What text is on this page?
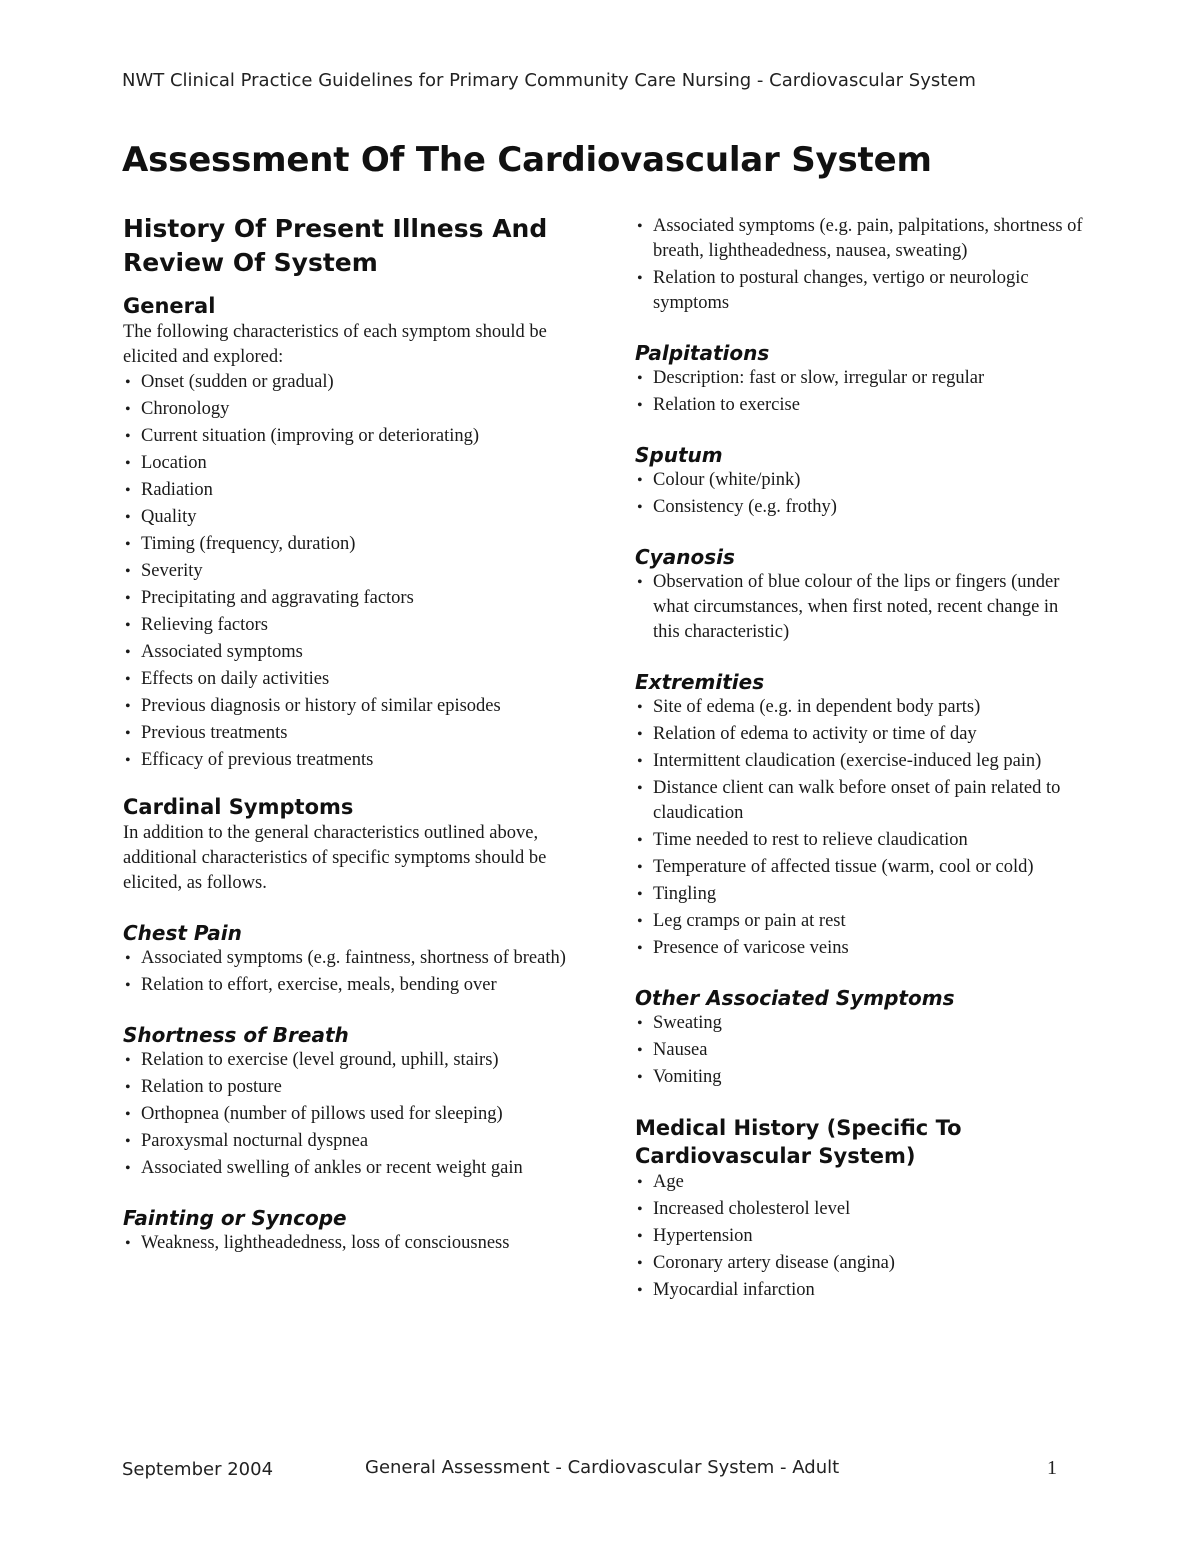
NWT Clinical Practice Guidelines for Primary Community Care Nursing - Cardiovascular System
Assessment Of The Cardiovascular System
History Of Present Illness And Review Of System
General

The following characteristics of each symptom should be elicited and explored:

• Onset (sudden or gradual)
• Chronology
• Current situation (improving or deteriorating)
• Location
• Radiation
• Quality
• Timing (frequency, duration)
• Severity
• Precipitating and aggravating factors
• Relieving factors
• Associated symptoms
• Effects on daily activities
• Previous diagnosis or history of similar episodes
• Previous treatments
• Efficacy of previous treatments
Cardinal Symptoms

In addition to the general characteristics outlined above, additional characteristics of specific symptoms should be elicited, as follows.

Chest Pain
• Associated symptoms (e.g. faintness, shortness of breath)
• Relation to effort, exercise, meals, bending over
Shortness of Breath
• Relation to exercise (level ground, uphill, stairs)
• Relation to posture
• Orthopnea (number of pillows used for sleeping)
• Paroxysmal nocturnal dyspnea
• Associated swelling of ankles or recent weight gain
Fainting or Syncope
• Weakness, lightheadedness, loss of consciousness
• Associated symptoms (e.g. pain, palpitations, shortness of breath, lightheadedness, nausea, sweating)
• Relation to postural changes, vertigo or neurologic symptoms
Palpitations
• Description: fast or slow, irregular or regular
• Relation to exercise
Sputum
• Colour (white/pink)
• Consistency (e.g. frothy)
Cyanosis
• Observation of blue colour of the lips or fingers (under what circumstances, when first noted, recent change in this characteristic)
Extremities
• Site of edema (e.g. in dependent body parts)
• Relation of edema to activity or time of day
• Intermittent claudication (exercise-induced leg pain)
• Distance client can walk before onset of pain related to claudication
• Time needed to rest to relieve claudication
• Temperature of affected tissue (warm, cool or cold)
• Tingling
• Leg cramps or pain at rest
• Presence of varicose veins
Other Associated Symptoms
• Sweating
• Nausea
• Vomiting
Medical History (Specific To Cardiovascular System)
• Age
• Increased cholesterol level
• Hypertension
• Coronary artery disease (angina)
• Myocardial infarction
September 2004	General Assessment - Cardiovascular System - Adult	1
